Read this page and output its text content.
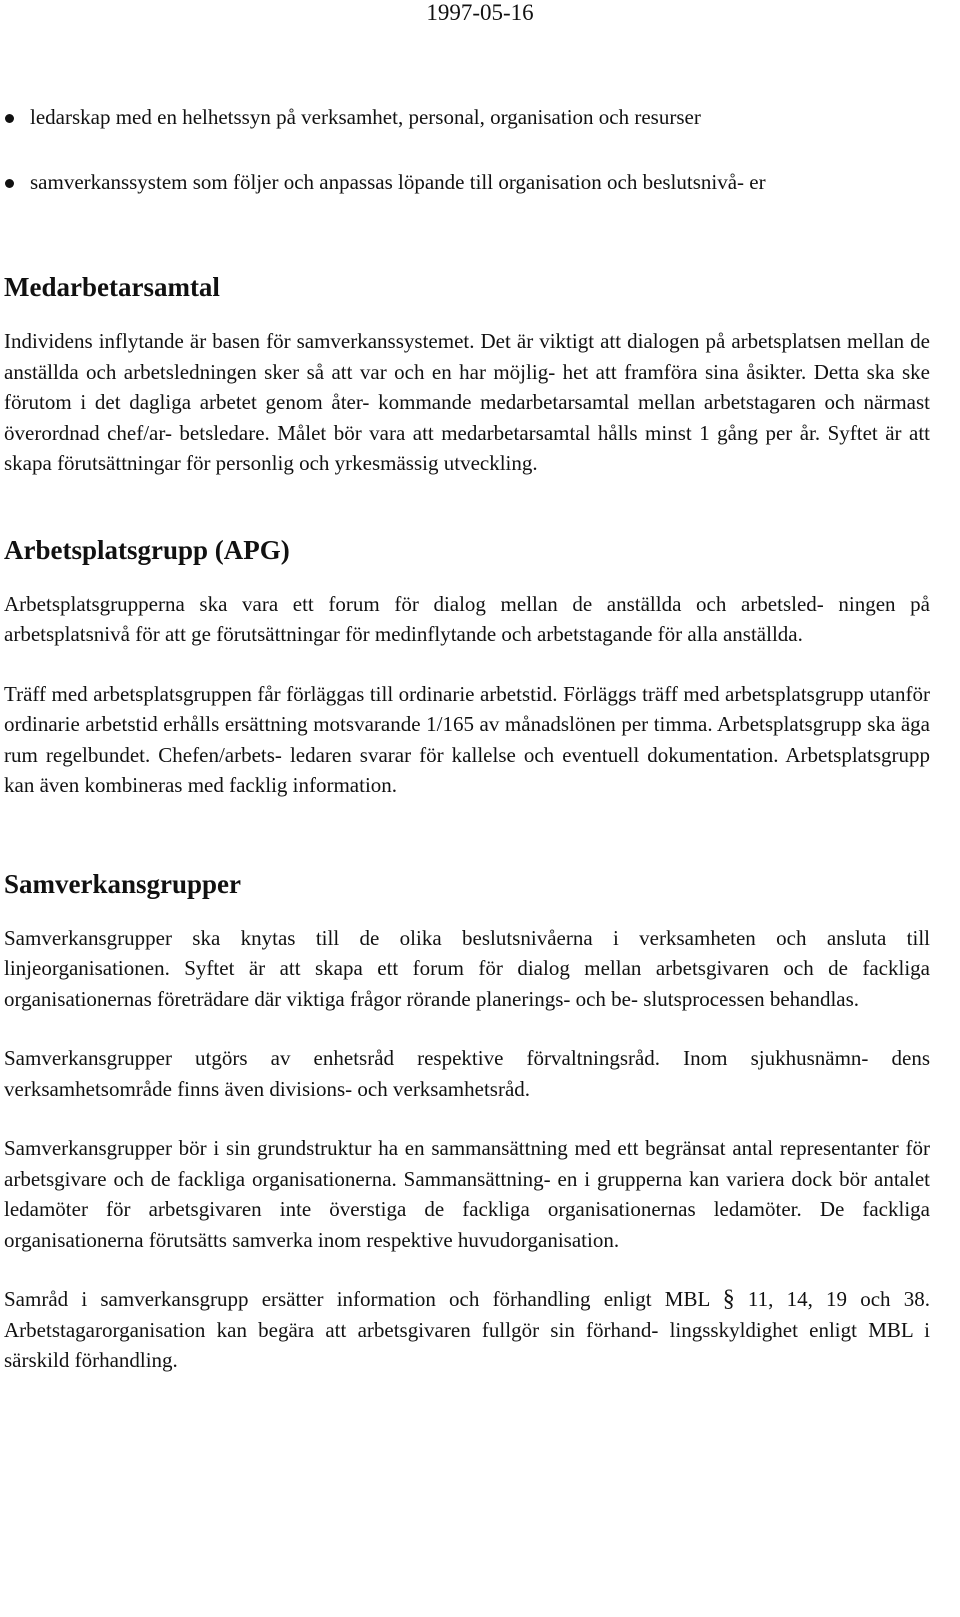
1997-05-16
ledarskap med en helhetssyn på verksamhet, personal, organisation och resurser
samverkanssystem som följer och anpassas löpande till organisation och beslutsnivå- er
Medarbetarsamtal

Individens inflytande är basen för samverkanssystemet. Det är viktigt att dialogen på arbetsplatsen mellan de anställda och arbetsledningen sker så att var och en har möjlig- het att framföra sina åsikter. Detta ska ske förutom i det dagliga arbetet genom åter- kommande medarbetarsamtal mellan arbetstagaren och närmast överordnad chef/ar- betsledare. Målet bör vara att medarbetarsamtal hålls minst 1 gång per år. Syftet är att skapa förutsättningar för personlig och yrkesmässig utveckling.

Arbetsplatsgrupp (APG)

Arbetsplatsgrupperna ska vara ett forum för dialog mellan de anställda och arbetsled- ningen på arbetsplatsnivå för att ge förutsättningar för medinflytande och arbetstagande för alla anställda.

Träff med arbetsplatsgruppen får förläggas till ordinarie arbetstid. Förläggs träff med arbetsplatsgrupp utanför ordinarie arbetstid erhålls ersättning motsvarande 1/165 av månadslönen per timma. Arbetsplatsgrupp ska äga rum regelbundet. Chefen/arbets- ledaren svarar för kallelse och eventuell dokumentation. Arbetsplatsgrupp kan även kombineras med facklig information.

Samverkansgrupper

Samverkansgrupper ska knytas till de olika beslutsnivåerna i verksamheten och ansluta till linjeorganisationen. Syftet är att skapa ett forum för dialog mellan arbetsgivaren och de fackliga organisationernas företrädare där viktiga frågor rörande planerings- och be- slutsprocessen behandlas.

Samverkansgrupper utgörs av enhetsråd respektive förvaltningsråd. Inom sjukhusnämn- dens verksamhetsområde finns även divisions- och verksamhetsråd.

Samverkansgrupper bör i sin grundstruktur ha en sammansättning med ett begränsat antal representanter för arbetsgivare och de fackliga organisationerna. Sammansättning- en i grupperna kan variera dock bör antalet ledamöter för arbetsgivaren inte överstiga de fackliga organisationernas ledamöter. De fackliga organisationerna förutsätts samverka inom respektive huvudorganisation.

Samråd i samverkansgrupp ersätter information och förhandling enligt MBL § 11, 14, 19 och 38. Arbetstagarorganisation kan begära att arbetsgivaren fullgör sin förhand- lingsskyldighet enligt MBL i särskild förhandling.
